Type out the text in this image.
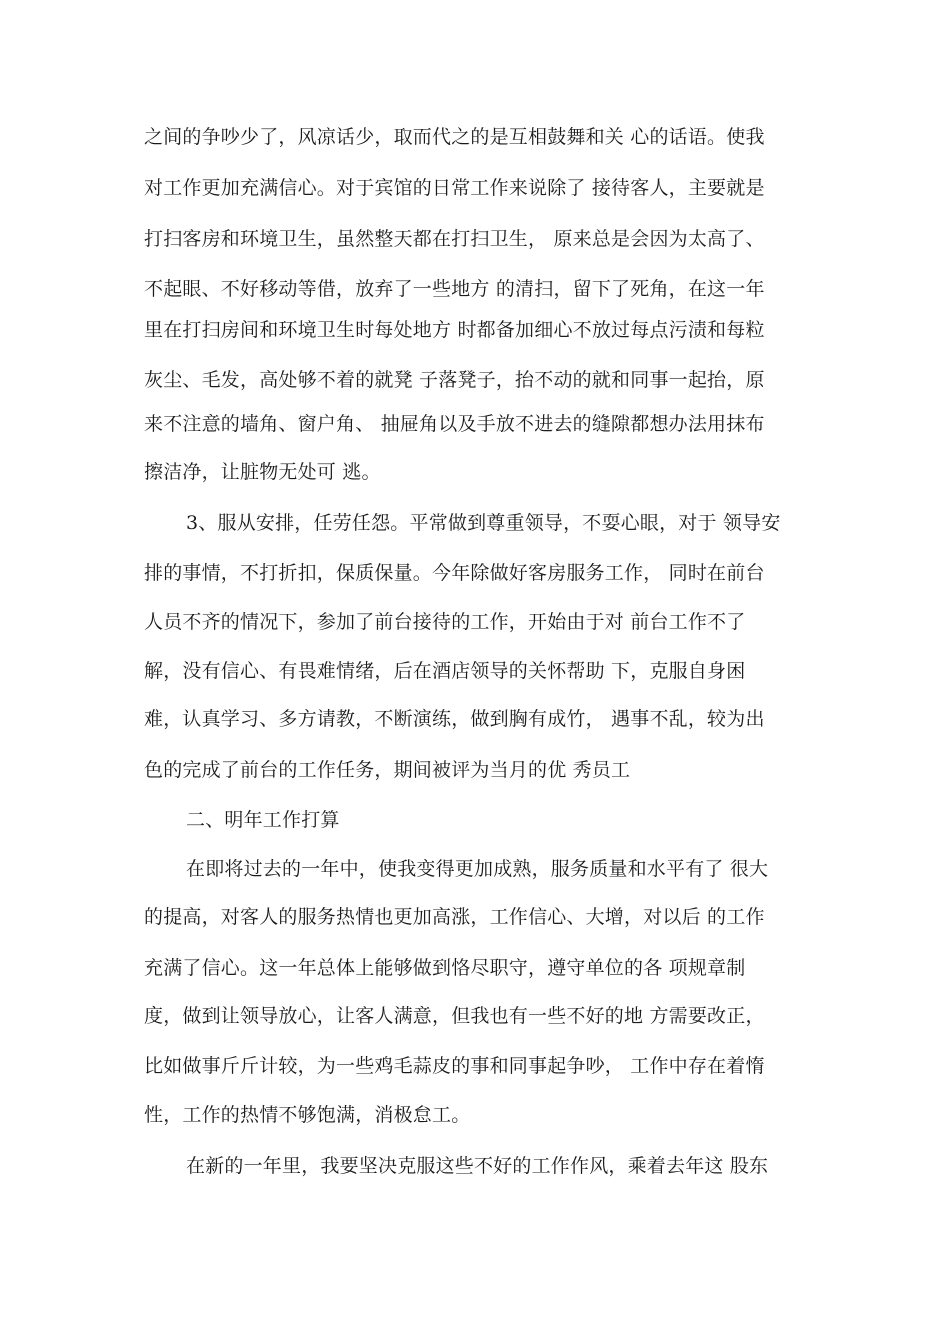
之间的争吵少了，风凉话少，取而代之的是互相鼓舞和关 心的话语。使我
对工作更加充满信心。对于宾馆的日常工作来说除了 接待客人，主要就是
打扫客房和环境卫生，虽然整天都在打扫卫生， 原来总是会因为太高了、
不起眼、不好移动等借，放弃了一些地方 的清扫，留下了死角，在这一年
里在打扫房间和环境卫生时每处地方 时都备加细心不放过每点污渍和每粒
灰尘、毛发，高处够不着的就凳 子落凳子，抬不动的就和同事一起抬，原
来不注意的墙角、窗户角、 抽屉角以及手放不进去的缝隙都想办法用抹布
擦洁净，让脏物无处可 逃。
3、服从安排，任劳任怨。平常做到尊重领导，不耍心眼，对于 领导安
排的事情，不打折扣，保质保量。今年除做好客房服务工作， 同时在前台
人员不齐的情况下，参加了前台接待的工作，开始由于对 前台工作不了
解，没有信心、有畏难情绪，后在酒店领导的关怀帮助 下，克服自身困
难，认真学习、多方请教，不断演练，做到胸有成竹， 遇事不乱，较为出
色的完成了前台的工作任务，期间被评为当月的优 秀员工
二、明年工作打算
在即将过去的一年中，使我变得更加成熟，服务质量和水平有了 很大
的提高，对客人的服务热情也更加高涨，工作信心、大增，对以后 的工作
充满了信心。这一年总体上能够做到恪尽职守，遵守单位的各 项规章制
度，做到让领导放心，让客人满意，但我也有一些不好的地 方需要改正，
比如做事斤斤计较，为一些鸡毛蒜皮的事和同事起争吵， 工作中存在着惰
性，工作的热情不够饱满，消极怠工。
在新的一年里，我要坚决克服这些不好的工作作风，乘着去年这 股东
